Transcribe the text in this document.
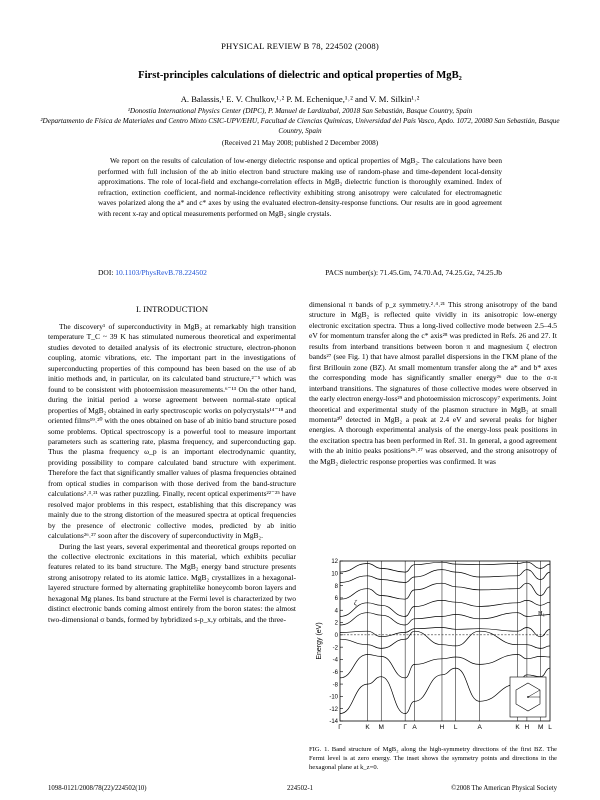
PHYSICAL REVIEW B 78, 224502 (2008)
First-principles calculations of dielectric and optical properties of MgB₂
A. Balassis,¹ E. V. Chulkov,¹˒² P. M. Echenique,¹˒² and V. M. Silkin¹˒²
¹Donostia International Physics Center (DIPC), P. Manuel de Lardizabal, 20018 San Sebastián, Basque Country, Spain
²Departamento de Física de Materiales and Centro Mixto CSIC-UPV/EHU, Facultad de Ciencias Químicas, Universidad del País Vasco, Apdo. 1072, 20080 San Sebastián, Basque Country, Spain
(Received 21 May 2008; published 2 December 2008)
We report on the results of calculation of low-energy dielectric response and optical properties of MgB₂. The calculations have been performed with full inclusion of the ab initio electron band structure making use of random-phase and time-dependent local-density approximations. The role of local-field and exchange-correlation effects in MgB₂ dielectric function is thoroughly examined. Index of refraction, extinction coefficient, and normal-incidence reflectivity exhibiting strong anisotropy were calculated for electromagnetic waves polarized along the a* and c* axes by using the evaluated electron-density-response functions. Our results are in good agreement with recent x-ray and optical measurements performed on MgB₂ single crystals.
DOI: 10.1103/PhysRevB.78.224502	PACS number(s): 71.45.Gm, 74.70.Ad, 74.25.Gz, 74.25.Jb
I. INTRODUCTION

The discovery¹ of superconductivity in MgB₂ at remarkably high transition temperature T_C ~ 39 K has stimulated numerous theoretical and experimental studies devoted to detailed analysis of its electronic structure, electron-phonon coupling, atomic vibrations, etc. The important part in the investigations of superconducting properties of this compound has been based on the use of ab initio methods and, in particular, on its calculated band structure,²⁻⁵ which was found to be consistent with photoemission measurements.⁶⁻¹³ On the other hand, during the initial period a worse agreement between normal-state optical properties of MgB₂ obtained in early spectroscopic works on polycrystals¹⁴⁻¹⁸ and oriented films¹⁹˒²⁰ with the ones obtained on base of ab initio band structure posed some problems. Optical spectroscopy is a powerful tool to measure important parameters such as scattering rate, plasma frequency, and superconducting gap. Thus the plasma frequency ω_p is an important electrodynamic quantity, providing possibility to compare calculated band structure with experiment. Therefore the fact that significantly smaller values of plasma frequencies obtained from optical studies in comparison with those derived from the band-structure calculations²˒³˒²¹ was rather puzzling. Finally, recent optical experiments²²⁻²⁵ have resolved major problems in this respect, establishing that this discrepancy was mainly due to the strong distortion of the measured spectra at optical frequencies by the presence of electronic collective modes, predicted by ab initio calculations²⁶˒²⁷ soon after the discovery of superconductivity in MgB₂.

During the last years, several experimental and theoretical groups reported on the collective electronic excitations in this material, which exhibits peculiar features related to its band structure. The MgB₂ energy band structure presents strong anisotropy related to its atomic lattice. MgB₂ crystallizes in a hexagonal-layered structure formed by alternating graphitelike honeycomb boron layers and hexagonal Mg planes. Its band structure at the Fermi level is characterized by two distinct electronic bands coming almost entirely from the boron states: the almost two-dimensional σ bands, formed by hybridized s-p_x,y orbitals, and the three-

dimensional π bands of p_z symmetry.²˒⁴˒²¹ This strong anisotropy of the band structure in MgB₂ is reflected quite vividly in its anisotropic low-energy electronic excitation spectra. Thus a long-lived collective mode between 2.5–4.5 eV for momentum transfer along the c* axis²⁸ was predicted in Refs. 26 and 27. It results from interband transitions between boron π and magnesium ζ electron bands²⁷ (see Fig. 1) that have almost parallel dispersions in the ΓKM plane of the first Brillouin zone (BZ). At small momentum transfer along the a* and b* axes the corresponding mode has significantly smaller energy²⁶ due to the σ-π interband transitions. The signatures of those collective modes were observed in the early electron energy-loss²⁹ and photoemission microscopy⁷ experiments. Joint theoretical and experimental study of the plasmon structure in MgB₂ at small momenta³⁰ detected in MgB₂ a peak at 2.4 eV and several peaks for higher energies. A thorough experimental analysis of the energy-loss peak positions in the excitation spectra has been performed in Ref. 31. In general, a good agreement with the ab initio peaks positions²⁶˒²⁷ was observed, and the strong anisotropy of the MgB₂ dielectric response properties was confirmed. It was

12
10
8
6
4
2
0
-2
-4
-6
-8
-10
-12
-14
Γ	K M	Γ A	H L	A	K H M L
Energy (eV)
ζ
H₁
FIG. 1. Band structure of MgB₂ along the high-symmetry directions of the first BZ. The Fermi level is at zero energy. The inset shows the symmetry points and directions in the hexagonal plane at k_z=0.
1098-0121/2008/78(22)/224502(10)	224502-1	©2008 The American Physical Society
